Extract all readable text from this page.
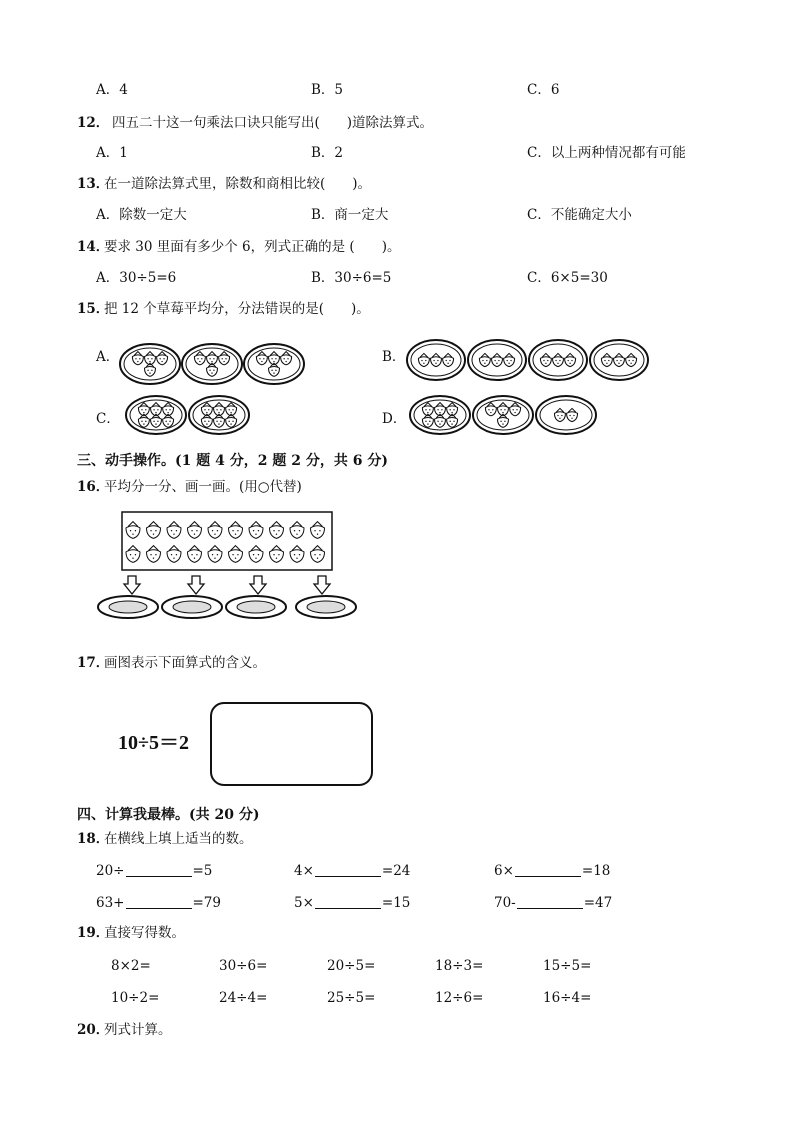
A．4	B．5	C．6
12． 四五二十这一句乘法口诀只能写出(　　)道除法算式。
A．1	B．2	C．以上两种情况都有可能
13．
在一道除法算式里，除数和商相比较(　　)。
A．除数一定大	B．商一定大	C．不能确定大小
14．
要求 30 里面有多少个 6，列式正确的是 (　　)。
A．30÷5=6	B．30÷6=5	C．6×5=30
15．
把 12 个草莓平均分，分法错误的是(　　)。
A．	B．
C．	D．
三、动手操作。(1 题 4 分，2 题 2 分，共 6 分)
16．
平均分一分、画一画。(用○代替)
17．
画图表示下面算式的含义。
10÷5＝2
四、计算我最棒。(共 20 分)
18．
在横线上填上适当的数。
20÷	=5	4×	=24	6×	=18
63+	=79	5×	=15	70-	=47
19．
直接写得数。
8×2=	30÷6=	20÷5=	18÷3=	15÷5=
10÷2=	24÷4=	25÷5=	12÷6=	16÷4=
20．
列式计算。
